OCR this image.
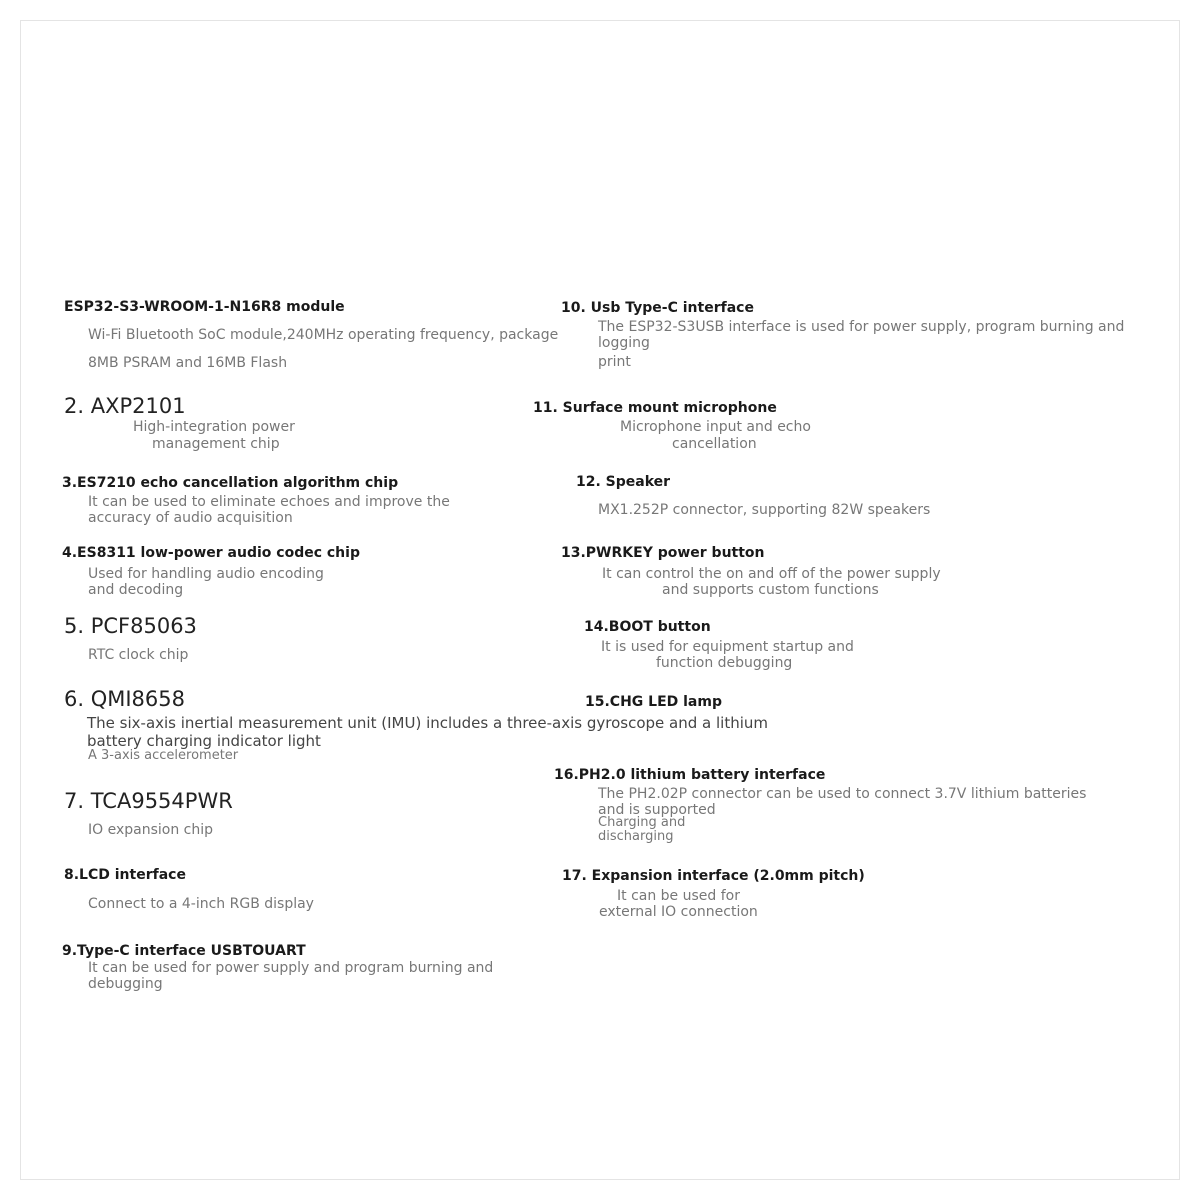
ESP32-S3-WROOM-1-N16R8 module
Wi-Fi Bluetooth SoC module,240MHz operating frequency, package
8MB PSRAM and 16MB Flash
2. AXP2101
High-integration power
management chip
3.ES7210 echo cancellation algorithm chip
It can be used to eliminate echoes and improve the
accuracy of audio acquisition
4.ES8311 low-power audio codec chip
Used for handling audio encoding
and decoding
5. PCF85063
RTC clock chip
6. QMI8658
The six-axis inertial measurement unit (IMU) includes a three-axis gyroscope and a lithium
battery charging indicator light
A 3-axis accelerometer
7. TCA9554PWR
IO expansion chip
8.LCD interface
Connect to a 4-inch RGB display
9.Type-C interface USBTOUART
It can be used for power supply and program burning and
debugging
10. Usb Type-C interface
The ESP32-S3USB interface is used for power supply, program burning and
logging
print
11. Surface mount microphone
Microphone input and echo
cancellation
12. Speaker
MX1.252P connector, supporting 82W speakers
13.PWRKEY power button
It can control the on and off of the power supply
and supports custom functions
14.BOOT button
It is used for equipment startup and
function debugging
15.CHG LED lamp
16.PH2.0 lithium battery interface
The PH2.02P connector can be used to connect 3.7V lithium batteries
and is supported
Charging and
discharging
17. Expansion interface (2.0mm pitch)
It can be used for
external IO connection
